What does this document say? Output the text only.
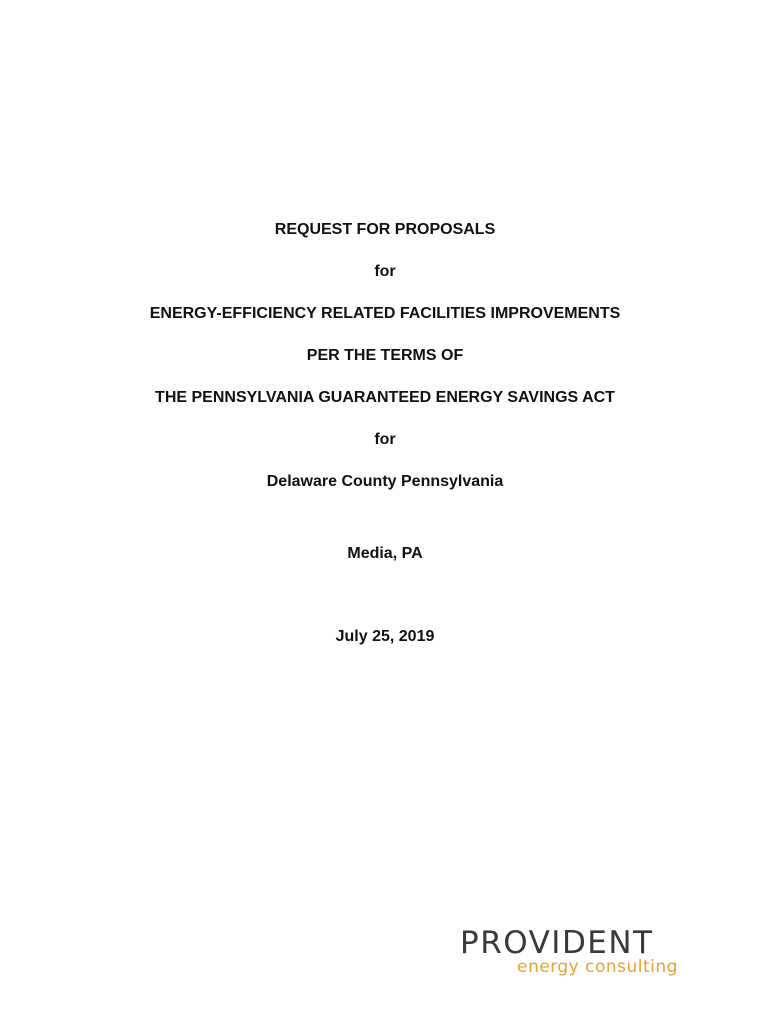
REQUEST FOR PROPOSALS
for
ENERGY-EFFICIENCY RELATED FACILITIES IMPROVEMENTS
PER THE TERMS OF
THE PENNSYLVANIA GUARANTEED ENERGY SAVINGS ACT
for
Delaware County Pennsylvania
Media, PA
July 25, 2019
PROVIDENT
energy consulting
